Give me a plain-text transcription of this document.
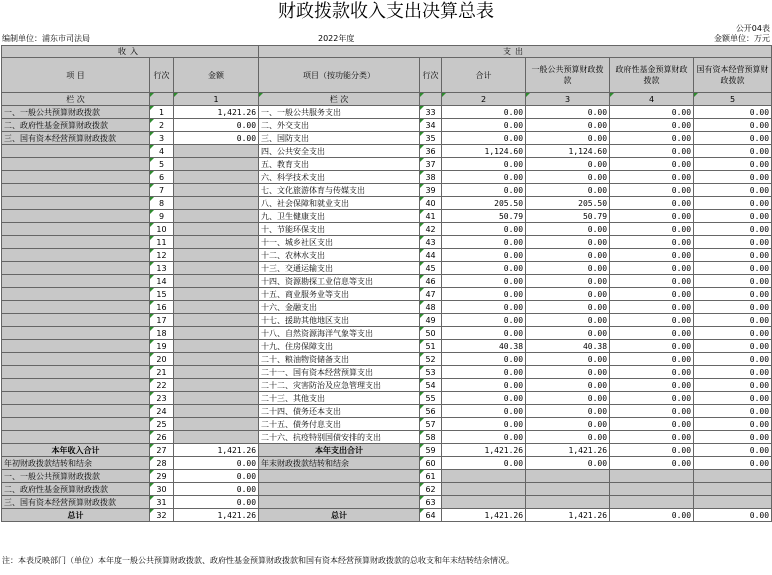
财政拨款收入支出决算总表
公开04表
编制单位：浦东市司法局	2022年度	金额单位：万元
收入			支出					
项 目	行次	金额	项目（按功能分类）	行次	合计	一般公共预算财政拨款	政府性基金预算财政拨款	国有资本经营预算财政拨款
栏 次		1	栏 次		2	3	4	5
一、一般公共预算财政拨款	1	1,421.26	一、一般公共服务支出	33	0.00	0.00	0.00	0.00
二、政府性基金预算财政拨款	2	0.00	二、外交支出	34	0.00	0.00	0.00	0.00
三、国有资本经营预算财政拨款	3	0.00	三、国防支出	35	0.00	0.00	0.00	0.00
	4		四、公共安全支出	36	1,124.60	1,124.60	0.00	0.00
	5		五、教育支出	37	0.00	0.00	0.00	0.00
	6		六、科学技术支出	38	0.00	0.00	0.00	0.00
	7		七、文化旅游体育与传媒支出	39	0.00	0.00	0.00	0.00
	8		八、社会保障和就业支出	40	205.50	205.50	0.00	0.00
	9		九、卫生健康支出	41	50.79	50.79	0.00	0.00
	10		十、节能环保支出	42	0.00	0.00	0.00	0.00
	11		十一、城乡社区支出	43	0.00	0.00	0.00	0.00
	12		十二、农林水支出	44	0.00	0.00	0.00	0.00
	13		十三、交通运输支出	45	0.00	0.00	0.00	0.00
	14		十四、资源勘探工业信息等支出	46	0.00	0.00	0.00	0.00
	15		十五、商业服务业等支出	47	0.00	0.00	0.00	0.00
	16		十六、金融支出	48	0.00	0.00	0.00	0.00
	17		十七、援助其他地区支出	49	0.00	0.00	0.00	0.00
	18		十八、自然资源海洋气象等支出	50	0.00	0.00	0.00	0.00
	19		十九、住房保障支出	51	40.38	40.38	0.00	0.00
	20		二十、粮油物资储备支出	52	0.00	0.00	0.00	0.00
	21		二十一、国有资本经营预算支出	53	0.00	0.00	0.00	0.00
	22		二十二、灾害防治及应急管理支出	54	0.00	0.00	0.00	0.00
	23		二十三、其他支出	55	0.00	0.00	0.00	0.00
	24		二十四、债务还本支出	56	0.00	0.00	0.00	0.00
	25		二十五、债务付息支出	57	0.00	0.00	0.00	0.00
	26		二十六、抗疫特别国债安排的支出	58	0.00	0.00	0.00	0.00
本年收入合计	27	1,421.26	本年支出合计	59	1,421.26	1,421.26	0.00	0.00
年初财政拨款结转和结余	28	0.00	年末财政拨款结转和结余	60	0.00	0.00	0.00	0.00
一、一般公共预算财政拨款	29	0.00		61				
二、政府性基金预算财政拨款	30	0.00		62				
三、国有资本经营预算财政拨款	31	0.00		63				
总计	32	1,421.26	总计	64	1,421.26	1,421.26	0.00	0.00
注：本表反映部门（单位）本年度一般公共预算财政拨款、政府性基金预算财政拨款和国有资本经营预算财政拨款的总收支和年末结转结余情况。
